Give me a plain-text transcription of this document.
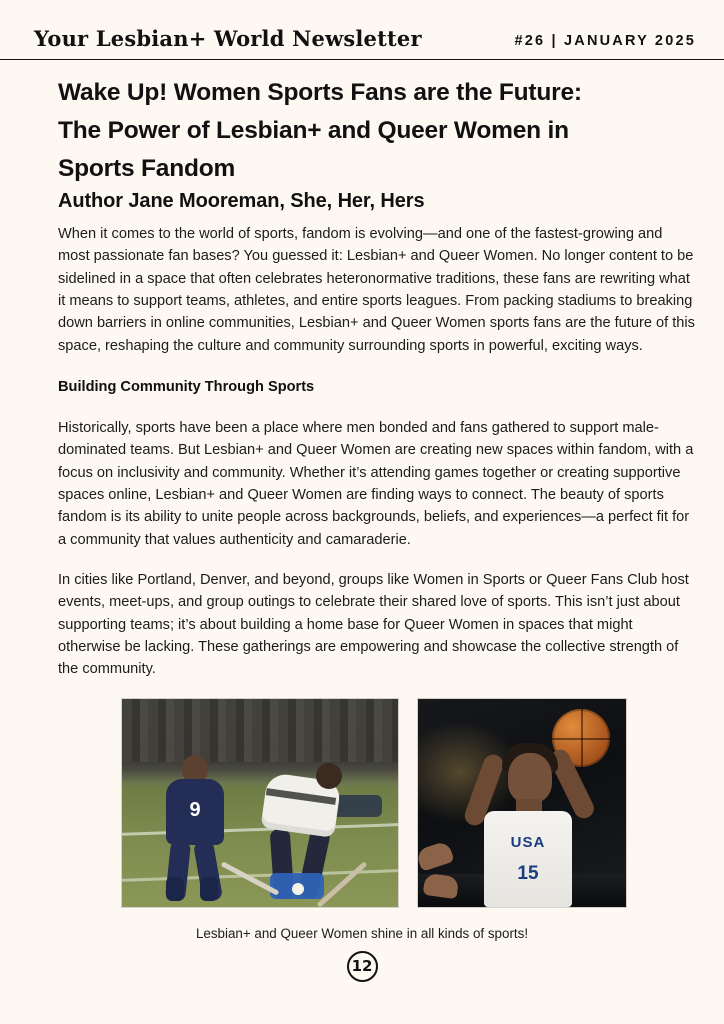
Your Lesbian+ World Newsletter	#26 | JANUARY 2025
Wake Up! Women Sports Fans are the Future:
The Power of Lesbian+ and Queer Women in
Sports Fandom
Author Jane Mooreman, She, Her, Hers

When it comes to the world of sports, fandom is evolving—and one of the fastest-growing and most passionate fan bases? You guessed it: Lesbian+ and Queer Women. No longer content to be sidelined in a space that often celebrates heteronormative traditions, these fans are rewriting what it means to support teams, athletes, and entire sports leagues. From packing stadiums to breaking down barriers in online communities, Lesbian+ and Queer Women sports fans are the future of this space, reshaping the culture and community surrounding sports in powerful, exciting ways.

Building Community Through Sports

Historically, sports have been a place where men bonded and fans gathered to support male-dominated teams. But Lesbian+ and Queer Women are creating new spaces within fandom, with a focus on inclusivity and community. Whether it’s attending games together or creating supportive spaces online, Lesbian+ and Queer Women are finding ways to connect. The beauty of sports fandom is its ability to unite people across backgrounds, beliefs, and experiences—a perfect fit for a community that values authenticity and camaraderie.

In cities like Portland, Denver, and beyond, groups like Women in Sports or Queer Fans Club host events, meet-ups, and group outings to celebrate their shared love of sports. This isn’t just about supporting teams; it’s about building a home base for Queer Women in spaces that might otherwise be lacking. These gatherings are empowering and showcase the collective strength of the community.

9
USA
15
Lesbian+ and Queer Women shine in all kinds of sports!
12
